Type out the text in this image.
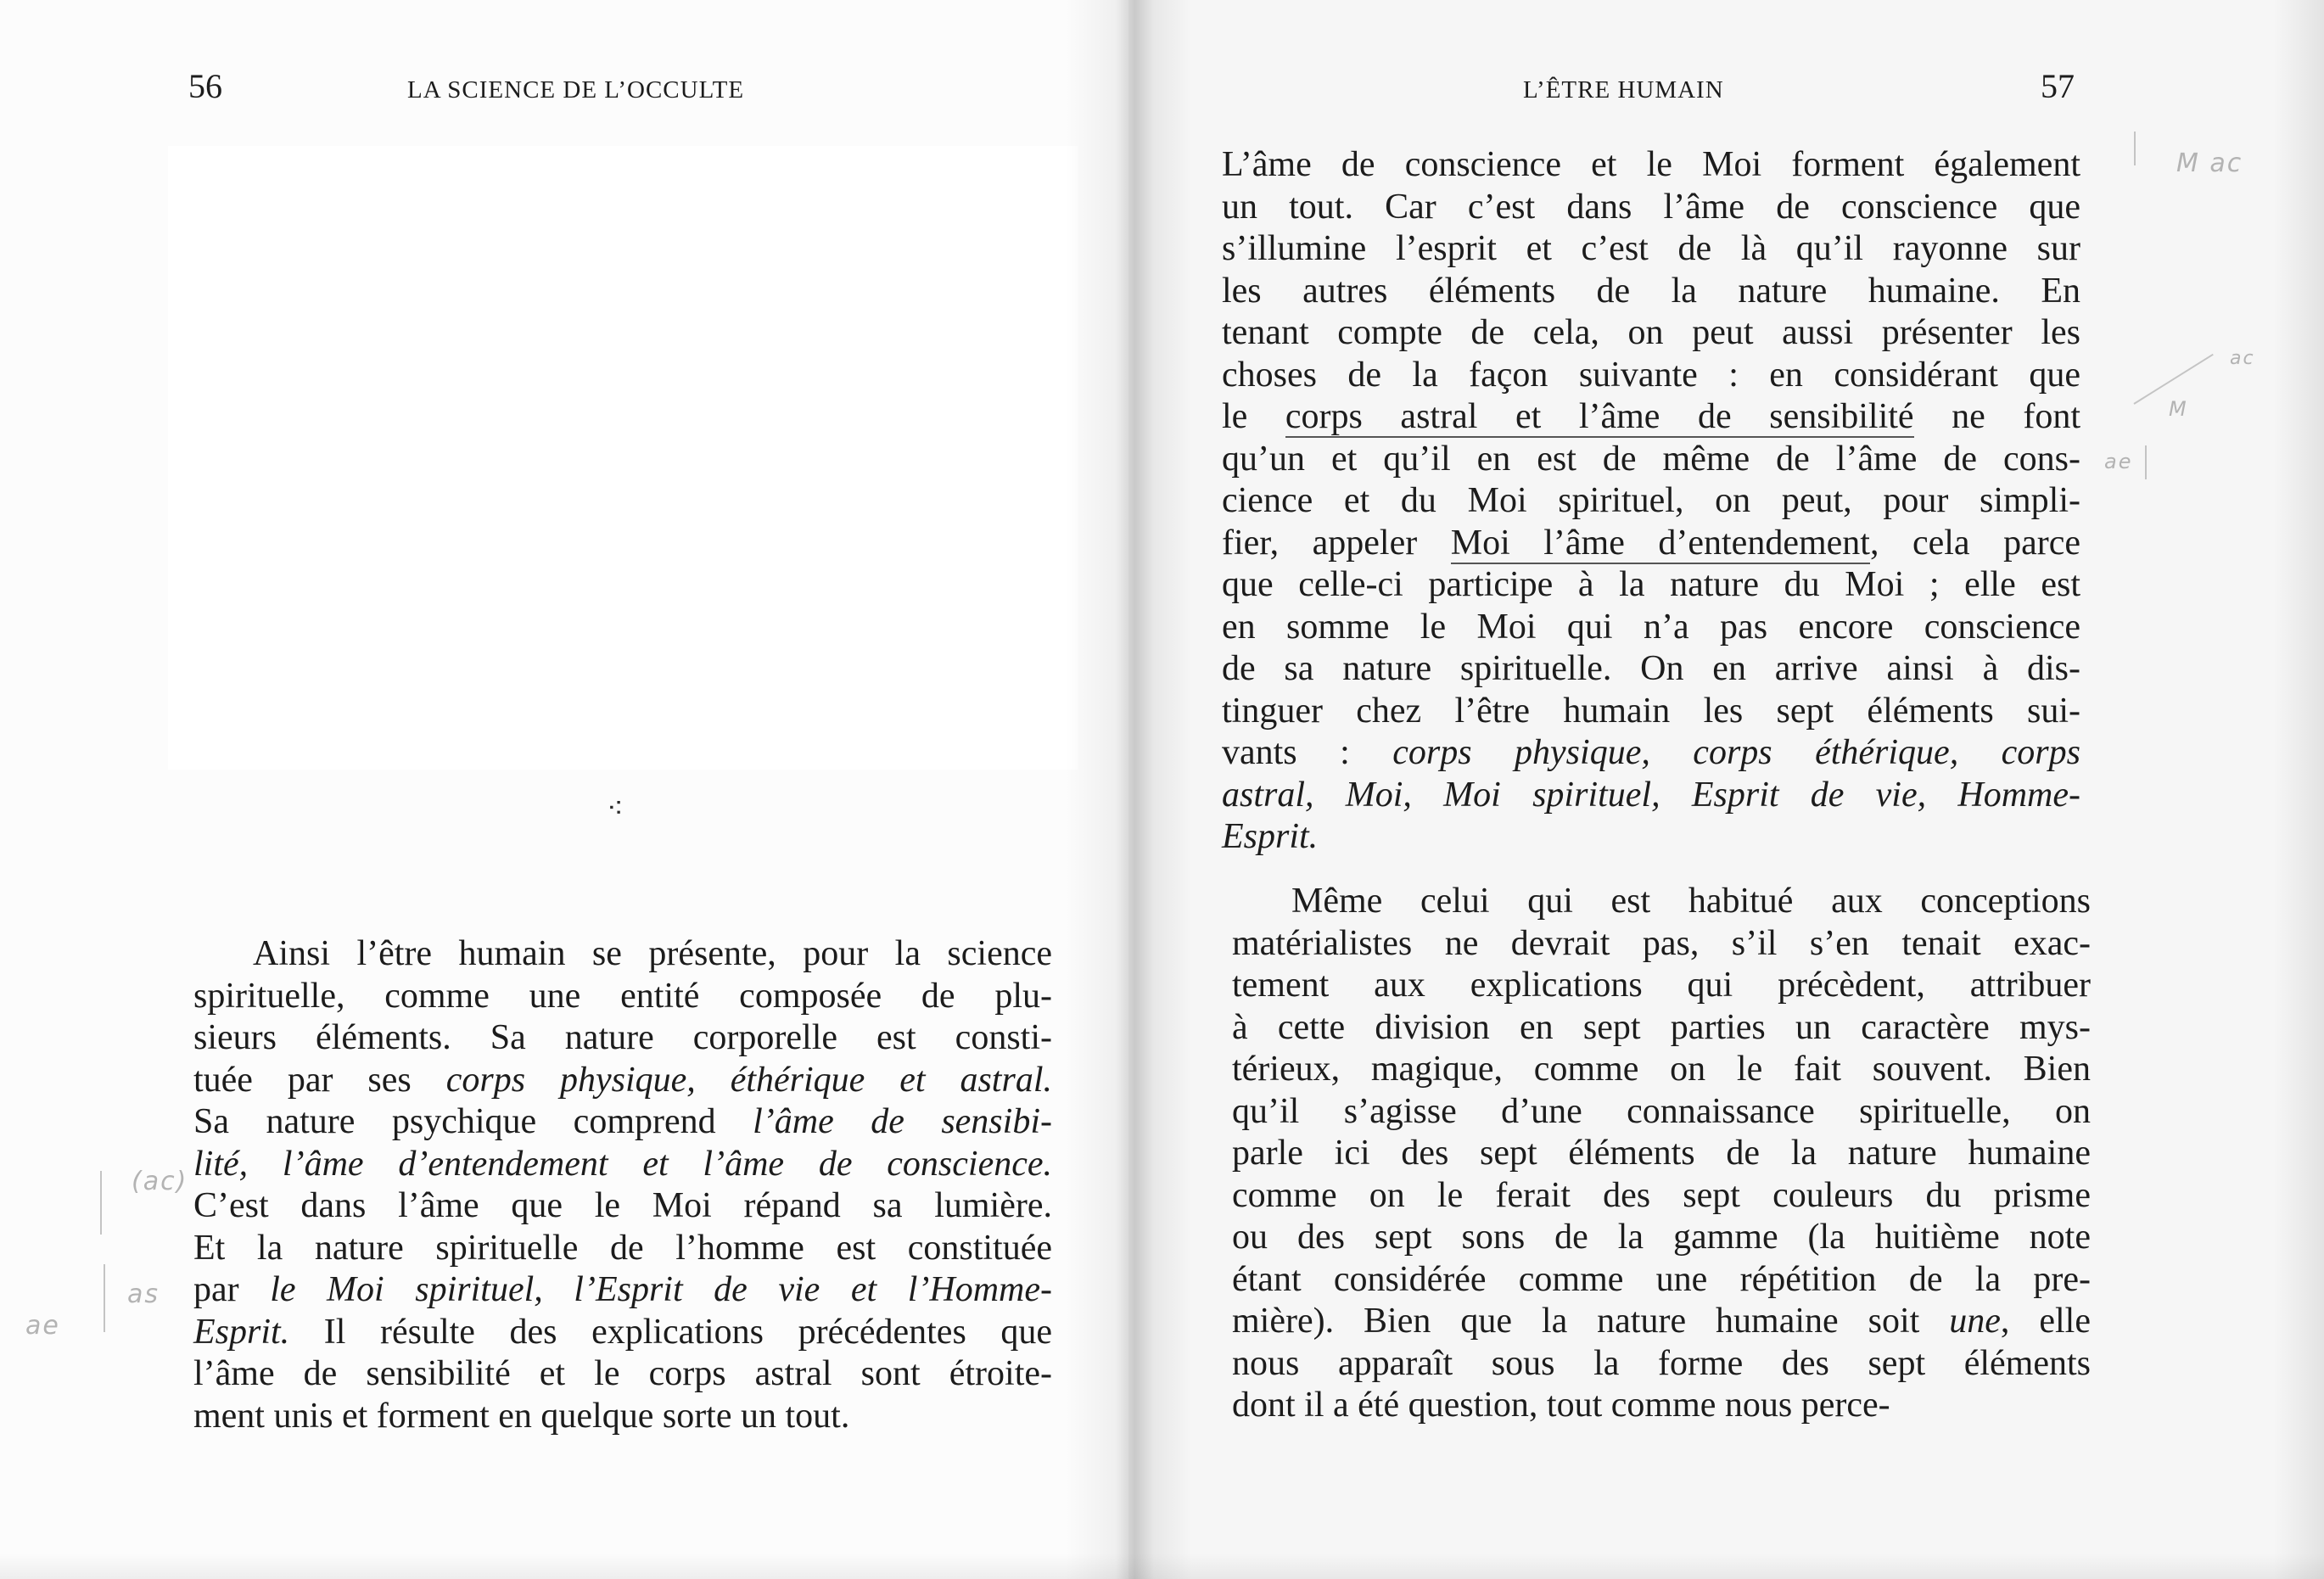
56	LA SCIENCE DE L’OCCULTE
⁖
Ainsi l’être humain se présente, pour la science
spirituelle, comme une entité composée de plu-
sieurs éléments. Sa nature corporelle est consti-
tuée par ses corps physique, éthérique et astral.
Sa nature psychique comprend l’âme de sensibi-
lité, l’âme d’entendement et l’âme de conscience.
C’est dans l’âme que le Moi répand sa lumière.
Et la nature spirituelle de l’homme est constituée
par le Moi spirituel, l’Esprit de vie et l’Homme-
Esprit. Il résulte des explications précédentes que
l’âme de sensibilité et le corps astral sont étroite-
ment unis et forment en quelque sorte un tout.
L’ÊTRE HUMAIN	57
L’âme de conscience et le Moi forment également
un tout. Car c’est dans l’âme de conscience que
s’illumine l’esprit et c’est de là qu’il rayonne sur
les autres éléments de la nature humaine. En
tenant compte de cela, on peut aussi présenter les
choses de la façon suivante : en considérant que
le corps astral et l’âme de sensibilité ne font
qu’un et qu’il en est de même de l’âme de cons-
cience et du Moi spirituel, on peut, pour simpli-
fier, appeler Moi l’âme d’entendement, cela parce
que celle-ci participe à la nature du Moi ; elle est
en somme le Moi qui n’a pas encore conscience
de sa nature spirituelle. On en arrive ainsi à dis-
tinguer chez l’être humain les sept éléments sui-
vants : corps physique, corps éthérique, corps
astral, Moi, Moi spirituel, Esprit de vie, Homme-
Esprit.
Même celui qui est habitué aux conceptions
matérialistes ne devrait pas, s’il s’en tenait exac-
tement aux explications qui précèdent, attribuer
à cette division en sept parties un caractère mys-
térieux, magique, comme on le fait souvent. Bien
qu’il s’agisse d’une connaissance spirituelle, on
parle ici des sept éléments de la nature humaine
comme on le ferait des sept couleurs du prisme
ou des sept sons de la gamme (la huitième note
étant considérée comme une répétition de la pre-
mière). Bien que la nature humaine soit une, elle
nous apparaît sous la forme des sept éléments
dont il a été question, tout comme nous perce-
M ac
ac
M
ae
(ac)
as
ae
